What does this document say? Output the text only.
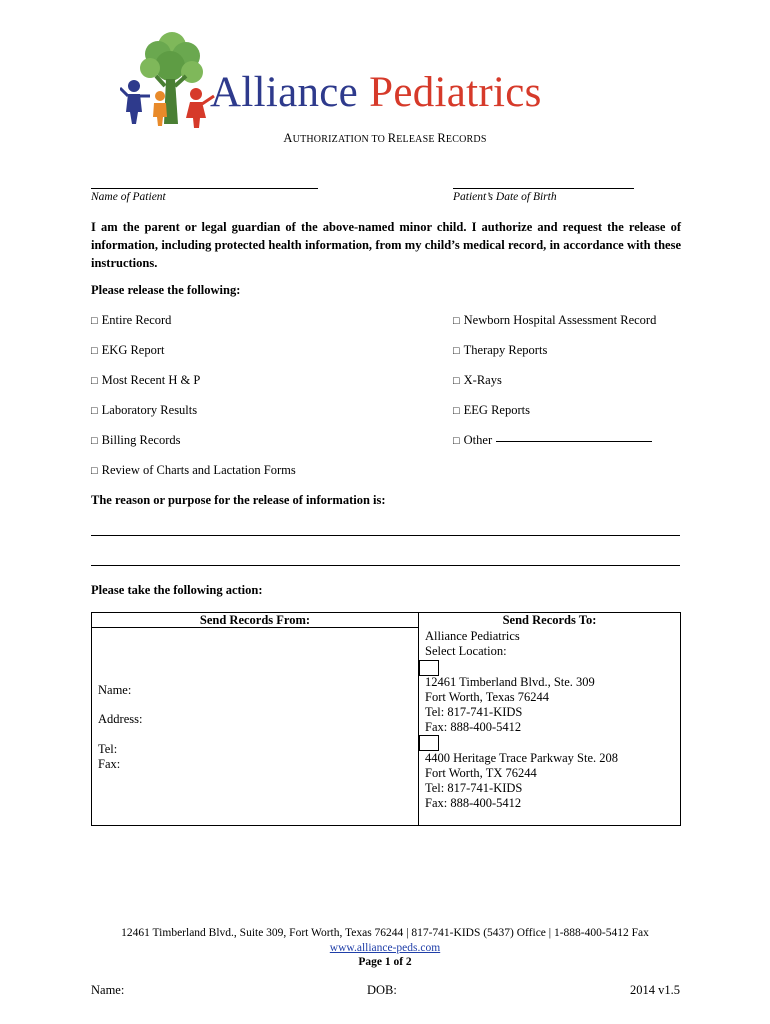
Alliance Pediatrics
AUTHORIZATION TO RELEASE RECORDS
Name of Patient	Patient’s Date of Birth
I am the parent or legal guardian of the above-named minor child. I authorize and request the release of information, including protected health information, from my child’s medical record, in accordance with these instructions.
Please release the following:
□ Entire Record
□ EKG Report
□ Most Recent H & P
□ Laboratory Results
□ Billing Records
□ Review of Charts and Lactation Forms
□ Newborn Hospital Assessment Record
□ Therapy Reports
□ X-Rays
□ EEG Reports
□ Other
The reason or purpose for the release of information is:
Please take the following action:
Send Records From:	Send Records To:
Name:
Address:
Tel:
Fax:
Alliance Pediatrics
Select Location:
12461 Timberland Blvd., Ste. 309
Fort Worth, Texas 76244
Tel: 817-741-KIDS
Fax: 888-400-5412
4400 Heritage Trace Parkway Ste. 208
Fort Worth, TX 76244
Tel: 817-741-KIDS
Fax: 888-400-5412
12461 Timberland Blvd., Suite 309, Fort Worth, Texas 76244 | 817-741-KIDS (5437) Office | 1-888-400-5412 Fax
www.alliance-peds.com
Page 1 of 2
Name:	DOB:	2014 v1.5
